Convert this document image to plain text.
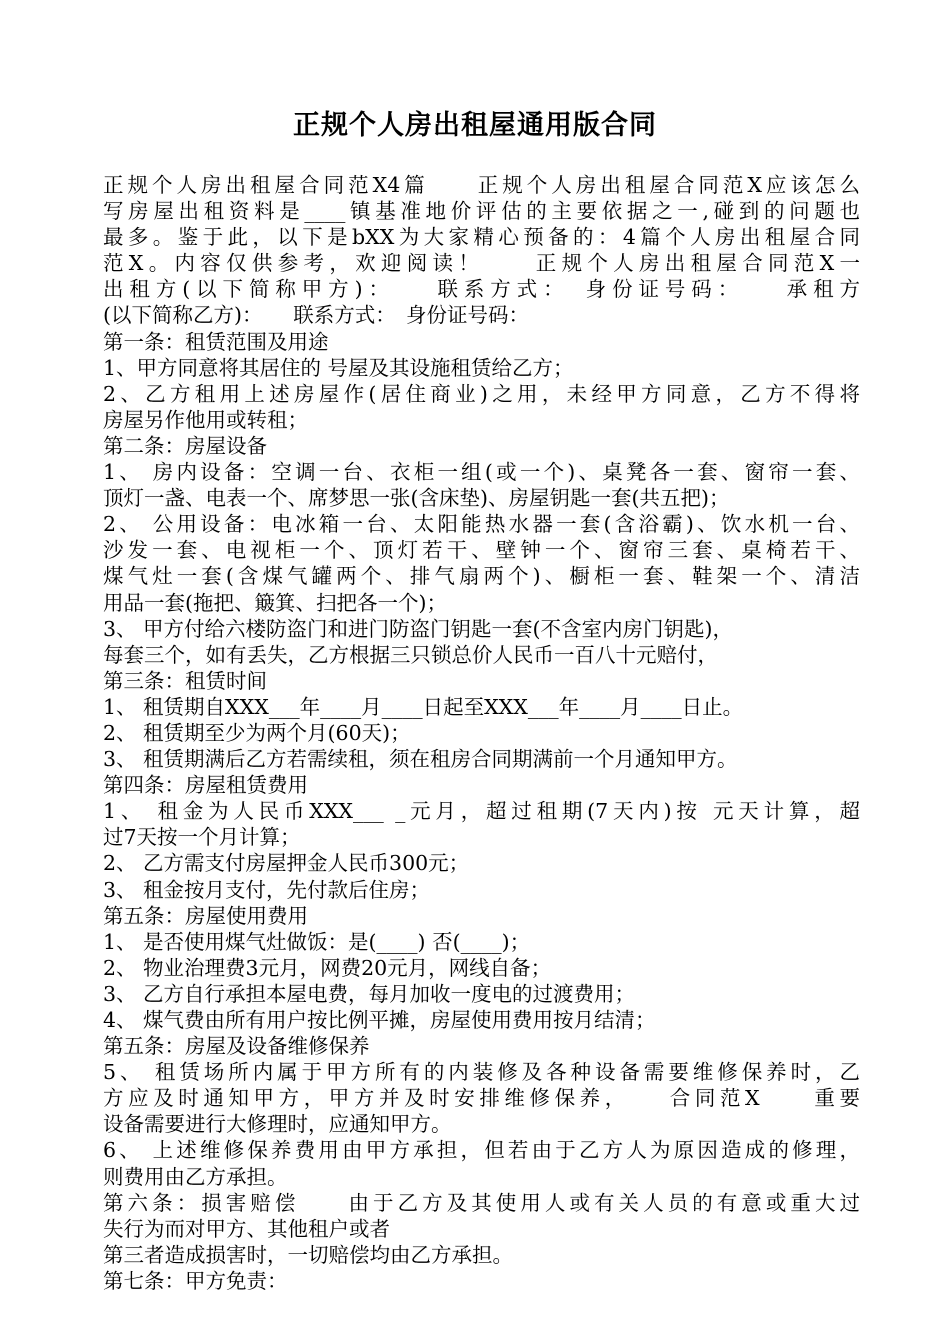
正规个人房出租屋通用版合同
正规个人房出租屋合同范X4篇　　正规个人房出租屋合同范X应该怎么
写房屋出租资料是____镇基准地价评估的主要依据之一,碰到的问题也
最多。鉴于此，以下是bXX为大家精心预备的：4篇个人房出租屋合同
范X。内容仅供参考，欢迎阅读！　　正规个人房出租屋合同范X一
出租方(以下简称甲方)：　　联系方式：　身份证号码：　　承租方
(以下简称乙方)：　　联系方式：　身份证号码：
第一条：租赁范围及用途
1、甲方同意将其居住的 号屋及其设施租赁给乙方；
2、乙方租用上述房屋作(居住商业)之用，未经甲方同意，乙方不得将
房屋另作他用或转租；
第二条：房屋设备
1、 房内设备：空调一台、衣柜一组(或一个)、桌凳各一套、窗帘一套、
顶灯一盏、电表一个、席梦思一张(含床垫)、房屋钥匙一套(共五把)；
2、 公用设备：电冰箱一台、太阳能热水器一套(含浴霸)、饮水机一台、
沙发一套、电视柜一个、顶灯若干、壁钟一个、窗帘三套、桌椅若干、
煤气灶一套(含煤气罐两个、排气扇两个)、橱柜一套、鞋架一个、清洁
用品一套(拖把、簸箕、扫把各一个)；
3、 甲方付给六楼防盗门和进门防盗门钥匙一套(不含室内房门钥匙)，
每套三个，如有丢失，乙方根据三只锁总价人民币一百八十元赔付，
第三条：租赁时间
1、 租赁期自XXX___年____月____日起至XXX___年____月____日止。
2、 租赁期至少为两个月(60天)；
3、 租赁期满后乙方若需续租，须在租房合同期满前一个月通知甲方。
第四条：房屋租赁费用
1、 租金为人民币XXX___ _元月，超过租期(7天内)按 元天计算，超
过7天按一个月计算；
2、 乙方需支付房屋押金人民币300元；
3、 租金按月支付，先付款后住房；
第五条：房屋使用费用
1、 是否使用煤气灶做饭：是(____) 否(____)；
2、 物业治理费3元月，网费20元月，网线自备；
3、 乙方自行承担本屋电费，每月加收一度电的过渡费用；
4、 煤气费由所有用户按比例平摊，房屋使用费用按月结清；
第五条：房屋及设备维修保养
5、 租赁场所内属于甲方所有的内装修及各种设备需要维修保养时，乙
方应及时通知甲方，甲方并及时安排维修保养，　　合同范X　　重要
设备需要进行大修理时，应通知甲方。
6、 上述维修保养费用由甲方承担，但若由于乙方人为原因造成的修理，
则费用由乙方承担。
第六条：损害赔偿　　由于乙方及其使用人或有关人员的有意或重大过
失行为而对甲方、其他租户或者
第三者造成损害时，一切赔偿均由乙方承担。
第七条：甲方免责：
